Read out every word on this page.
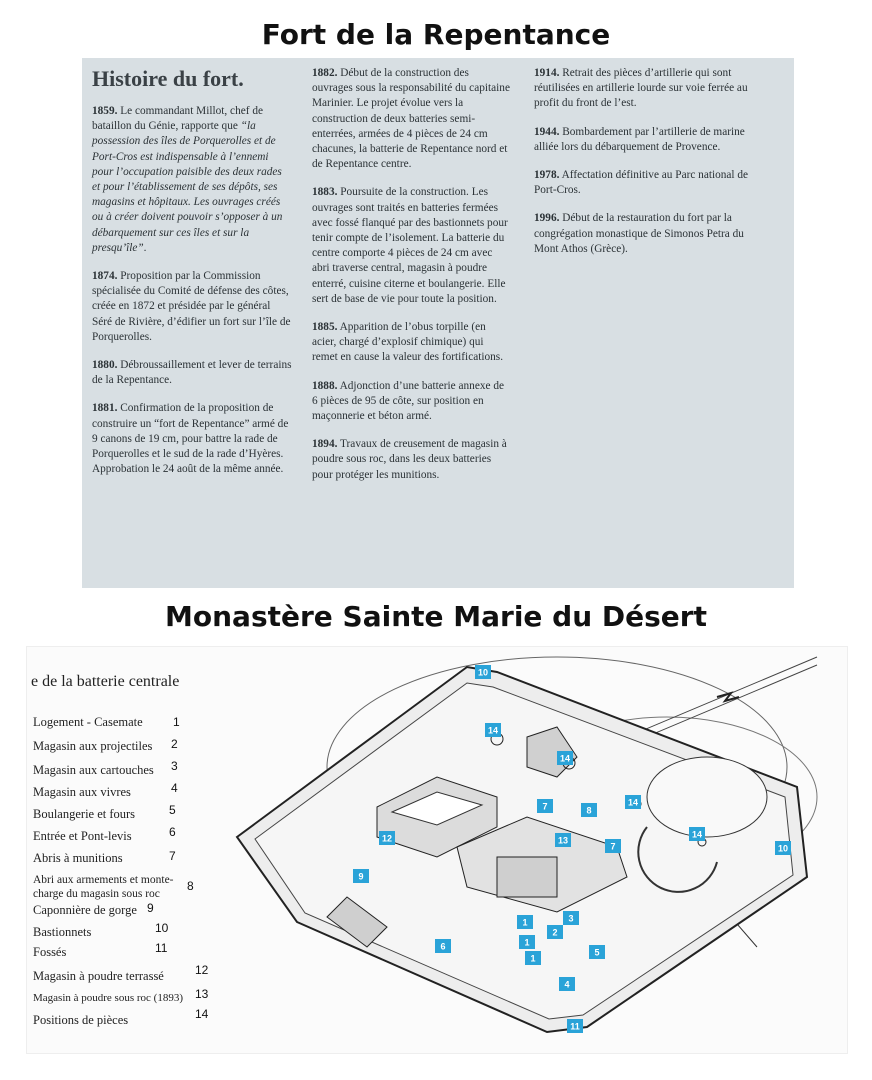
Fort de la Repentance
Histoire du fort.
1859. Le commandant Millot, chef de bataillon du Génie, rapporte que “la possession des îles de Porquerolles et de Port-Cros est indispensable à l’ennemi pour l’occupation paisible des deux rades et pour l’établissement de ses dépôts, ses magasins et hôpitaux. Les ouvrages créés ou à créer doivent pouvoir s’opposer à un débarquement sur ces îles et sur la presqu’île”.
1874. Proposition par la Commission spécialisée du Comité de défense des côtes, créée en 1872 et présidée par le général Séré de Rivière, d’édifier un fort sur l’île de Porquerolles.
1880. Débroussaillement et lever de terrains de la Repentance.
1881. Confirmation de la proposition de construire un “fort de Repentance” armé de 9 canons de 19 cm, pour battre la rade de Porquerolles et le sud de la rade d’Hyères. Approbation le 24 août de la même année.
1882. Début de la construction des ouvrages sous la responsabilité du capitaine Marinier. Le projet évolue vers la construction de deux batteries semi-enterrées, armées de 4 pièces de 24 cm chacunes, la batterie de Repentance nord et de Repentance centre.
1883. Poursuite de la construction. Les ouvrages sont traités en batteries fermées avec fossé flanqué par des bastionnets pour tenir compte de l’isolement. La batterie du centre comporte 4 pièces de 24 cm avec abri traverse central, magasin à poudre enterré, cuisine citerne et boulangerie. Elle sert de base de vie pour toute la position.
1885. Apparition de l’obus torpille (en acier, chargé d’explosif chimique) qui remet en cause la valeur des fortifications.
1888. Adjonction d’une batterie annexe de 6 pièces de 95 de côte, sur position en maçonnerie et béton armé.
1894. Travaux de creusement de magasin à poudre sous roc, dans les deux batteries pour protéger les munitions.
1914. Retrait des pièces d’artillerie qui sont réutilisées en artillerie lourde sur voie ferrée au profit du front de l’est.
1944. Bombardement par l’artillerie de marine alliée lors du débarquement de Provence.
1978. Affectation définitive au Parc national de Port-Cros.
1996. Début de la restauration du fort par la congrégation monastique de Simonos Petra du Mont Athos (Grèce).
Monastère Sainte Marie du Désert
e de la batterie centrale
Logement - Casemate	1
Magasin aux projectiles	2
Magasin aux cartouches	3
Magasin aux vivres	4
Boulangerie et fours	5
Entrée et Pont-levis	6
Abris à munitions	7
Abri aux armements et monte-charge du magasin sous roc
8
Caponnière de gorge 9
Bastionnets	10
Fossés	11
Magasin à poudre terrassé	12
Magasin à poudre sous roc (1893)	13
Positions de pièces	14
10
14
14
7	8
14
12	13
14
7	10
9
1	3
2
1
6
5
1
4
11
